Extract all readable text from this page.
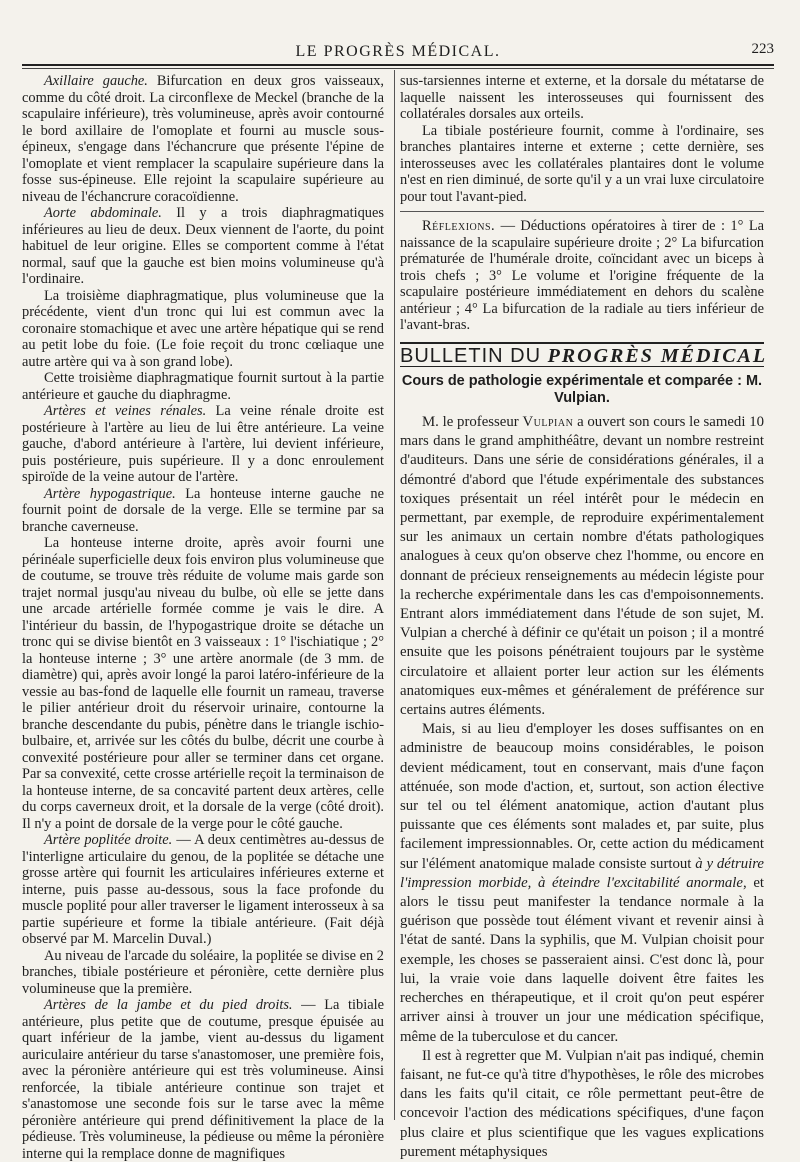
LE PROGRÈS MÉDICAL.	223

Axillaire gauche. Bifurcation en deux gros vaisseaux, comme du côté droit. La circonflexe de Meckel (branche de la scapulaire inférieure), très volumineuse, après avoir contourné le bord axillaire de l'omoplate et fourni au muscle sous-épineux, s'engage dans l'échancrure que présente l'épine de l'omoplate et vient remplacer la scapulaire supérieure dans la fosse sus-épineuse. Elle rejoint la scapulaire supérieure au niveau de l'échancrure coracoïdienne.

Aorte abdominale. Il y a trois diaphragmatiques inférieures au lieu de deux. Deux viennent de l'aorte, du point habituel de leur origine. Elles se comportent comme à l'état normal, sauf que la gauche est bien moins volumineuse qu'à l'ordinaire.

La troisième diaphragmatique, plus volumineuse que la précédente, vient d'un tronc qui lui est commun avec la coronaire stomachique et avec une artère hépatique qui se rend au petit lobe du foie. (Le foie reçoit du tronc cœliaque une autre artère qui va à son grand lobe).

Cette troisième diaphragmatique fournit surtout à la partie antérieure et gauche du diaphragme.

Artères et veines rénales. La veine rénale droite est postérieure à l'artère au lieu de lui être antérieure. La veine gauche, d'abord antérieure à l'artère, lui devient inférieure, puis postérieure, puis supérieure. Il y a donc enroulement spiroïde de la veine autour de l'artère.

Artère hypogastrique. La honteuse interne gauche ne fournit point de dorsale de la verge. Elle se termine par sa branche caverneuse.

La honteuse interne droite, après avoir fourni une périnéale superficielle deux fois environ plus volumineuse que de coutume, se trouve très réduite de volume mais garde son trajet normal jusqu'au niveau du bulbe, où elle se jette dans une arcade artérielle formée comme je vais le dire. A l'intérieur du bassin, de l'hypogastrique droite se détache un tronc qui se divise bientôt en 3 vaisseaux : 1° l'ischiatique ; 2° la honteuse interne ; 3° une artère anormale (de 3 mm. de diamètre) qui, après avoir longé la paroi latéro-inférieure de la vessie au bas-fond de laquelle elle fournit un rameau, traverse le pilier antérieur droit du réservoir urinaire, contourne la branche descendante du pubis, pénètre dans le triangle ischio-bulbaire, et, arrivée sur les côtés du bulbe, décrit une courbe à convexité postérieure pour aller se terminer dans cet organe. Par sa convexité, cette crosse artérielle reçoit la terminaison de la honteuse interne, de sa concavité partent deux artères, celle du corps caverneux droit, et la dorsale de la verge (côté droit). Il n'y a point de dorsale de la verge pour le côté gauche.

Artère poplitée droite. — A deux centimètres au-dessus de l'interligne articulaire du genou, de la poplitée se détache une grosse artère qui fournit les articulaires inférieures externe et interne, puis passe au-dessous, sous la face profonde du muscle poplité pour aller traverser le ligament interosseux à sa partie supérieure et forme la tibiale antérieure. (Fait déjà observé par M. Marcelin Duval.)

Au niveau de l'arcade du soléaire, la poplitée se divise en 2 branches, tibiale postérieure et péronière, cette dernière plus volumineuse que la première.

Artères de la jambe et du pied droits. — La tibiale antérieure, plus petite que de coutume, presque épuisée au quart inférieur de la jambe, vient au-dessus du ligament auriculaire antérieur du tarse s'anastomoser, une première fois, avec la péronière antérieure qui est très volumineuse. Ainsi renforcée, la tibiale antérieure continue son trajet et s'anastomose une seconde fois sur le tarse avec la même péronière antérieure qui prend définitivement la place de la pédieuse. Très volumineuse, la pédieuse ou même la péronière interne qui la remplace donne de magnifiques

sus-tarsiennes interne et externe, et la dorsale du métatarse de laquelle naissent les interosseuses qui fournissent des collatérales dorsales aux orteils.

La tibiale postérieure fournit, comme à l'ordinaire, ses branches plantaires interne et externe ; cette dernière, ses interosseuses avec les collatérales plantaires dont le volume n'est en rien diminué, de sorte qu'il y a un vrai luxe circulatoire pour tout l'avant-pied.

Réflexions. — Déductions opératoires à tirer de : 1° La naissance de la scapulaire supérieure droite ; 2° La bifurcation prématurée de l'humérale droite, coïncidant avec un biceps à trois chefs ; 3° Le volume et l'origine fréquente de la scapulaire postérieure immédiatement en dehors du scalène antérieur ; 4° La bifurcation de la radiale au tiers inférieur de l'avant-bras.

BULLETIN DU PROGRÈS MÉDICAL
Cours de pathologie expérimentale et comparée : M. Vulpian.

M. le professeur Vulpian a ouvert son cours le samedi 10 mars dans le grand amphithéâtre, devant un nombre restreint d'auditeurs. Dans une série de considérations générales, il a démontré d'abord que l'étude expérimentale des substances toxiques présentait un réel intérêt pour le médecin en permettant, par exemple, de reproduire expérimentalement sur les animaux un certain nombre d'états pathologiques analogues à ceux qu'on observe chez l'homme, ou encore en donnant de précieux renseignements au médecin légiste pour la recherche expérimentale dans les cas d'empoisonnements. Entrant alors immédiatement dans l'étude de son sujet, M. Vulpian a cherché à définir ce qu'était un poison ; il a montré ensuite que les poisons pénétraient toujours par le système circulatoire et allaient porter leur action sur les éléments anatomiques eux-mêmes et généralement de préférence sur certains autres éléments.

Mais, si au lieu d'employer les doses suffisantes on en administre de beaucoup moins considérables, le poison devient médicament, tout en conservant, mais d'une façon atténuée, son mode d'action, et, surtout, son action élective sur tel ou tel élément anatomique, action d'autant plus puissante que ces éléments sont malades et, par suite, plus facilement impressionnables. Or, cette action du médicament sur l'élément anatomique malade consiste surtout à y détruire l'impression morbide, à éteindre l'excitabilité anormale, et alors le tissu peut manifester la tendance normale à la guérison que possède tout élément vivant et revenir ainsi à l'état de santé. Dans la syphilis, que M. Vulpian choisit pour exemple, les choses se passeraient ainsi. C'est donc là, pour lui, la vraie voie dans laquelle doivent être faites les recherches en thérapeutique, et il croit qu'on peut espérer arriver ainsi à trouver un jour une médication spécifique, même de la tuberculose et du cancer.

Il est à regretter que M. Vulpian n'ait pas indiqué, chemin faisant, ne fut-ce qu'à titre d'hypothèses, le rôle des microbes dans les faits qu'il citait, ce rôle permettant peut-être de concevoir l'action des médications spécifiques, d'une façon plus claire et plus scientifique que les vagues explications purement métaphysiques
